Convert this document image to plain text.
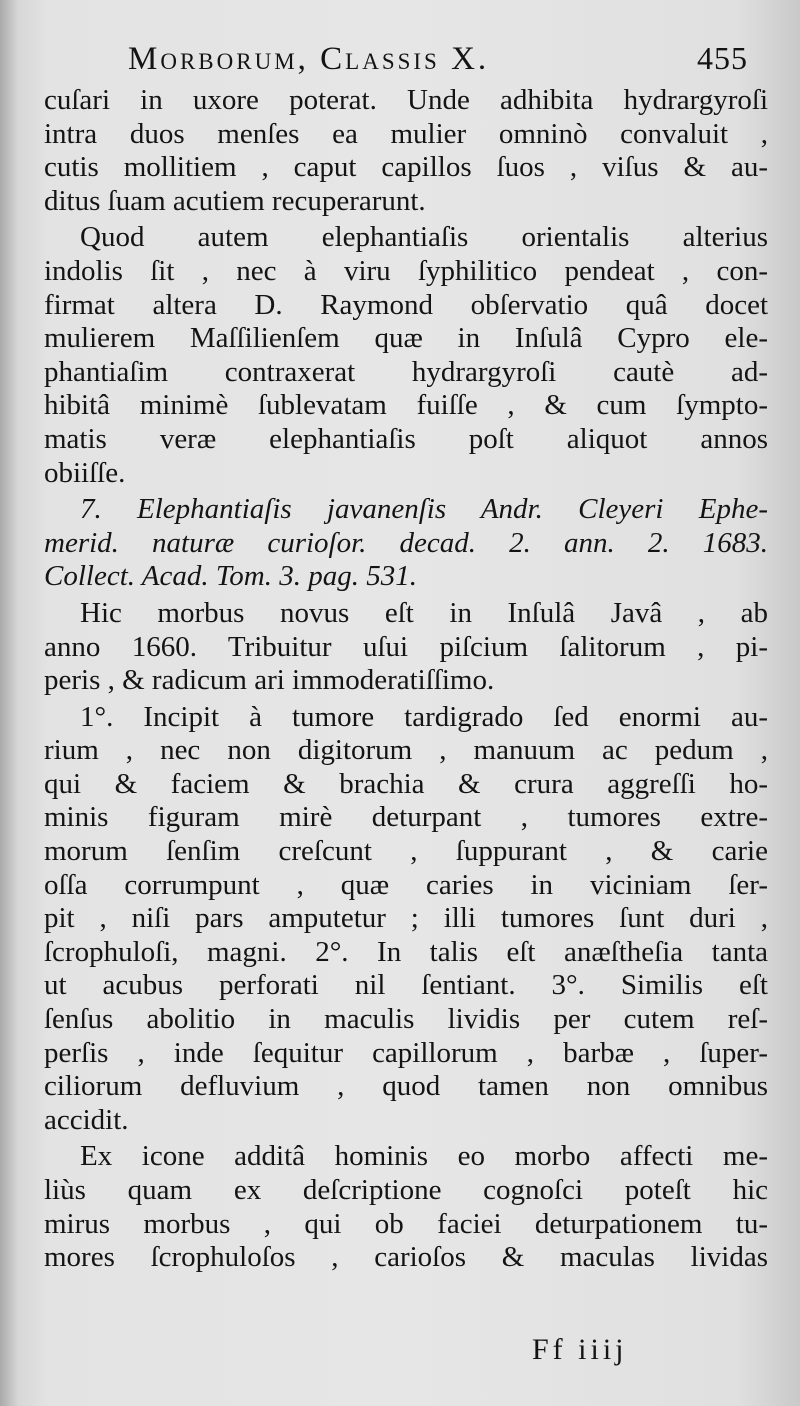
Morborum, Classis X.	455
cuſari in uxore poterat. Unde adhibita hydrargyroſi
intra duos menſes ea mulier omninò convaluit ,
cutis mollitiem , caput capillos ſuos , viſus & au-
ditus ſuam acutiem recuperarunt.
Quod autem elephantiaſis orientalis alterius
indolis ſit , nec à viru ſyphilitico pendeat , con-
firmat altera D. Raymond obſervatio quâ docet
mulierem Maſſilienſem quæ in Inſulâ Cypro ele-
phantiaſim contraxerat hydrargyroſi cautè ad-
hibitâ minimè ſublevatam fuiſſe , & cum ſympto-
matis veræ elephantiaſis poſt aliquot annos
obiiſſe.
7. Elephantiaſis javanenſis Andr. Cleyeri Ephe-
merid. naturæ curioſor. decad. 2. ann. 2. 1683.
Collect. Acad. Tom. 3. pag. 531.
Hic morbus novus eſt in Inſulâ Javâ , ab
anno 1660. Tribuitur uſui piſcium ſalitorum , pi-
peris , & radicum ari immoderatiſſimo.
1°. Incipit à tumore tardigrado ſed enormi au-
rium , nec non digitorum , manuum ac pedum ,
qui & faciem & brachia & crura aggreſſi ho-
minis figuram mirè deturpant , tumores extre-
morum ſenſim creſcunt , ſuppurant , & carie
oſſa corrumpunt , quæ caries in viciniam ſer-
pit , niſi pars amputetur ; illi tumores ſunt duri ,
ſcrophuloſi, magni. 2°. In talis eſt anæſtheſia tanta
ut acubus perforati nil ſentiant. 3°. Similis eſt
ſenſus abolitio in maculis lividis per cutem reſ-
perſis , inde ſequitur capillorum , barbæ , ſuper-
ciliorum defluvium , quod tamen non omnibus
accidit.
Ex icone additâ hominis eo morbo affecti me-
liùs quam ex deſcriptione cognoſci poteſt hic
mirus morbus , qui ob faciei deturpationem tu-
mores ſcrophuloſos , carioſos & maculas lividas
Ff iiij
